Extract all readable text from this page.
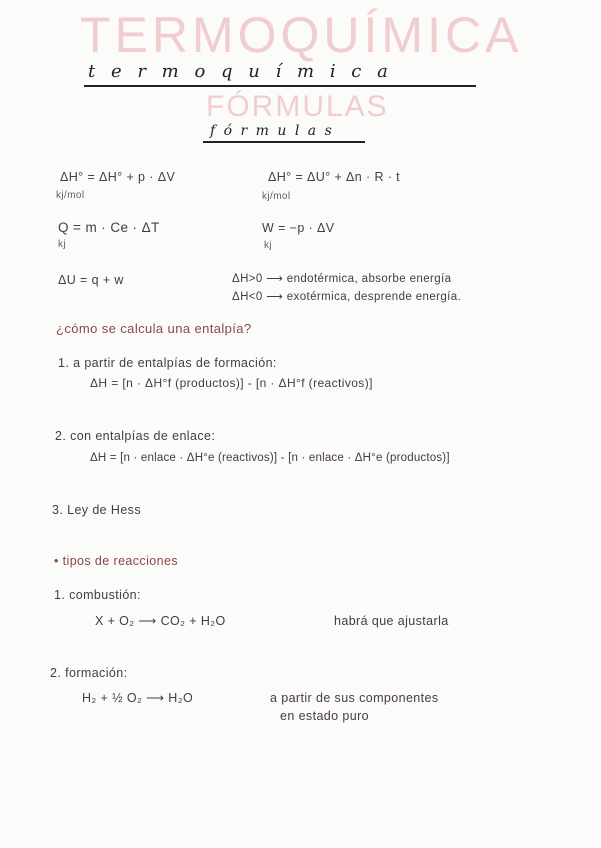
TERMOQUÍMICA
t e r m o q u í m i c a
FÓRMULAS
f ó r m u l a s
ΔH° = ΔH° + p · ΔV
kj/mol
ΔH° = ΔU° + Δn · R · t
kj/mol
Q = m · Ce · ΔT
kj
W = −p · ΔV
kj
ΔU = q + w	ΔH>0 ⟶ endotérmica, absorbe energía
ΔH<0 ⟶ exotérmica, desprende energía.
¿cómo se calcula una entalpía?
1. a partir de entalpías de formación:
ΔH = [n · ΔH°f (productos)] - [n · ΔH°f (reactivos)]
2. con entalpías de enlace:
ΔH = [n · enlace · ΔH°e (reactivos)] - [n · enlace · ΔH°e (productos)]
3. Ley de Hess
• tipos de reacciones
1. combustión:
X + O₂ ⟶ CO₂ + H₂O	habrá que ajustarla
2. formación:
H₂ + ½ O₂ ⟶ H₂O	a partir de sus componentes
en estado puro
